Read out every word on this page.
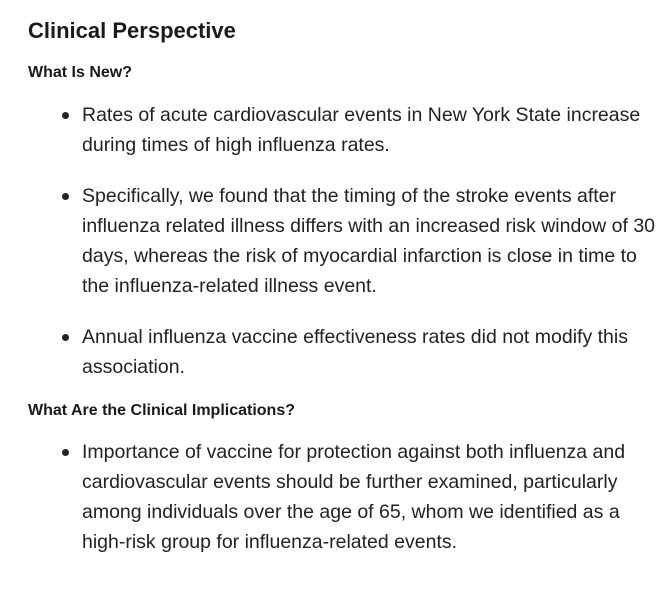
Clinical Perspective
What Is New?
Rates of acute cardiovascular events in New York State increase during times of high influenza rates.
Specifically, we found that the timing of the stroke events after influenza related illness differs with an increased risk window of 30 days, whereas the risk of myocardial infarction is close in time to the influenza-related illness event.
Annual influenza vaccine effectiveness rates did not modify this association.
What Are the Clinical Implications?
Importance of vaccine for protection against both influenza and cardiovascular events should be further examined, particularly among individuals over the age of 65, whom we identified as a high-risk group for influenza-related events.
